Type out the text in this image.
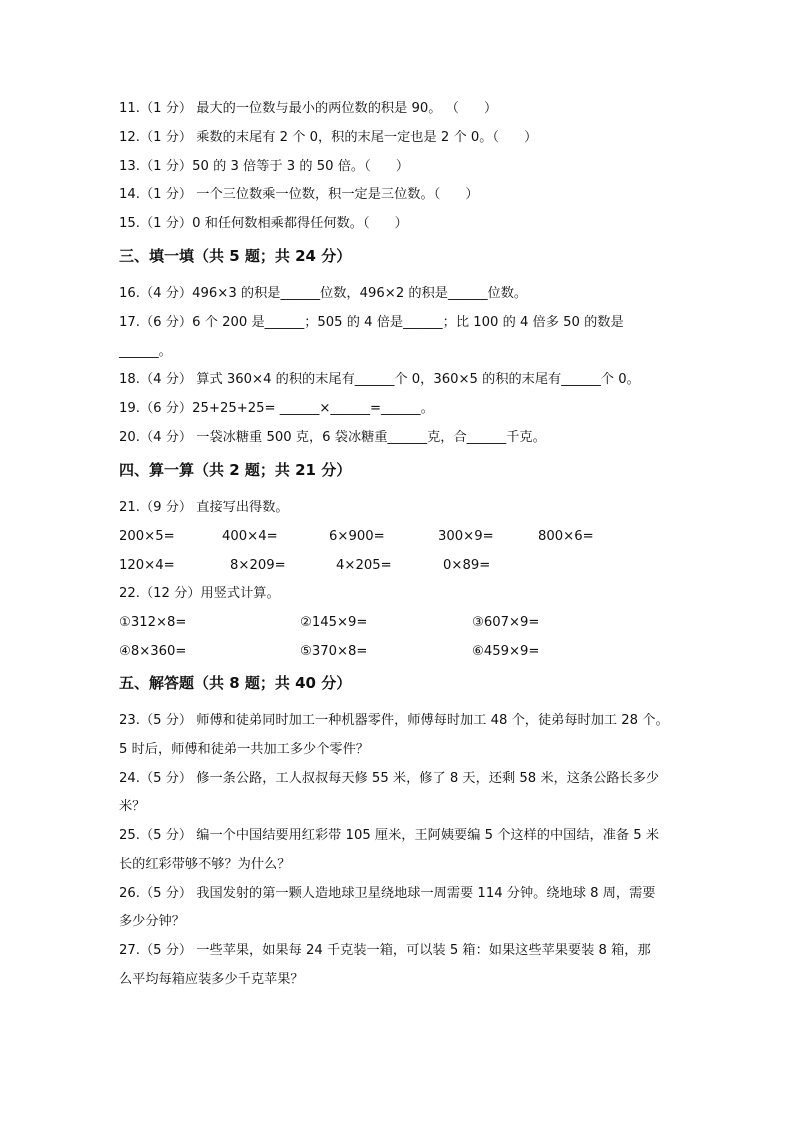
11.（1 分） 最大的一位数与最小的两位数的积是 90。 （      ）
12.（1 分） 乘数的末尾有 2 个 0，积的末尾一定也是 2 个 0。（      ）
13.（1 分）50 的 3 倍等于 3 的 50 倍。（      ）
14.（1 分） 一个三位数乘一位数，积一定是三位数。（      ）
15.（1 分）0 和任何数相乘都得任何数。（      ）
三、填一填（共 5 题；共 24 分）
16.（4 分）496×3 的积是______位数，496×2 的积是______位数。
17.（6 分）6 个 200 是______；505 的 4 倍是______；比 100 的 4 倍多 50 的数是
______。
18.（4 分） 算式 360×4 的积的末尾有______个 0，360×5 的积的末尾有______个 0。
19.（6 分）25+25+25= ______×______=______。
20.（4 分） 一袋冰糖重 500 克，6 袋冰糖重______克，合______千克。
四、算一算（共 2 题；共 21 分）
21.（9 分） 直接写出得数。
200×5=	400×4=	6×900=	300×9=	800×6=
120×4=	8×209=	4×205=	0×89=
22.（12 分）用竖式计算。
①312×8=	②145×9=	③607×9=
④8×360=	⑤370×8=	⑥459×9=
五、解答题（共 8 题；共 40 分）
23.（5 分） 师傅和徒弟同时加工一种机器零件，师傅每时加工 48 个，徒弟每时加工 28 个。
5 时后，师傅和徒弟一共加工多少个零件？
24.（5 分） 修一条公路，工人叔叔每天修 55 米，修了 8 天，还剩 58 米，这条公路长多少
米？
25.（5 分） 编一个中国结要用红彩带 105 厘米，王阿姨要编 5 个这样的中国结，准备 5 米
长的红彩带够不够？为什么？
26.（5 分） 我国发射的第一颗人造地球卫星绕地球一周需要 114 分钟。绕地球 8 周，需要
多少分钟？
27.（5 分） 一些苹果，如果每 24 千克装一箱，可以装 5 箱：如果这些苹果要装 8 箱，那
么平均每箱应装多少千克苹果？
